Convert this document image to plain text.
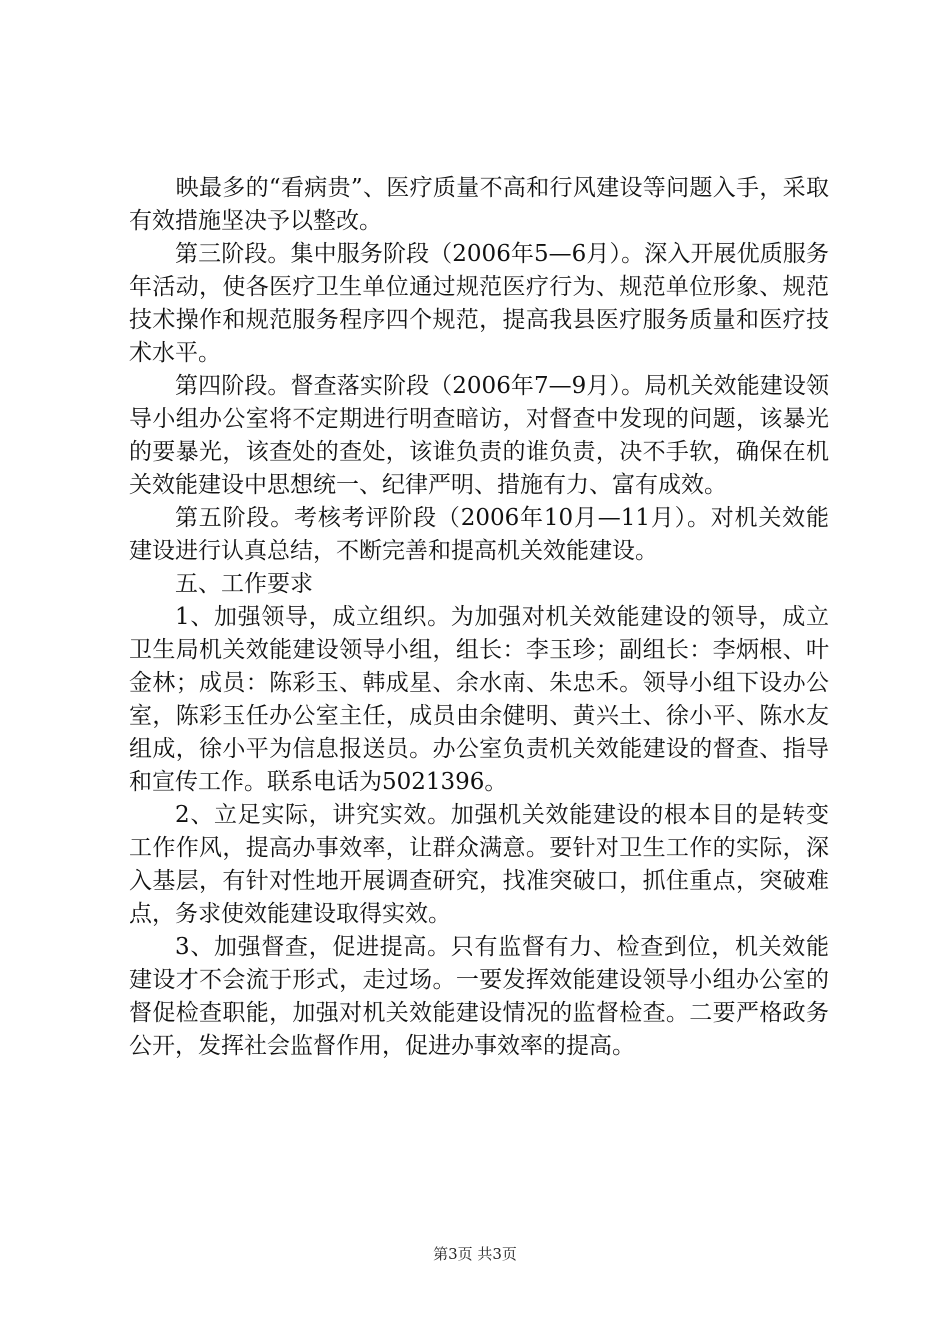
　　映最多的“看病贵”、医疗质量不高和行风建设等问题入手，采取有效措施坚决予以整改。

第三阶段。集中服务阶段（2006年5—6月）。深入开展优质服务年活动，使各医疗卫生单位通过规范医疗行为、规范单位形象、规范技术操作和规范服务程序四个规范，提高我县医疗服务质量和医疗技术水平。

第四阶段。督查落实阶段（2006年7—9月）。局机关效能建设领导小组办公室将不定期进行明查暗访，对督查中发现的问题，该暴光的要暴光，该查处的查处，该谁负责的谁负责，决不手软，确保在机关效能建设中思想统一、纪律严明、措施有力、富有成效。

第五阶段。考核考评阶段（2006年10月—11月）。对机关效能建设进行认真总结，不断完善和提高机关效能建设。

五、工作要求

1、加强领导，成立组织。为加强对机关效能建设的领导，成立卫生局机关效能建设领导小组，组长：李玉珍；副组长：李炳根、叶金林；成员：陈彩玉、韩成星、余水南、朱忠禾。领导小组下设办公室，陈彩玉任办公室主任，成员由余健明、黄兴土、徐小平、陈水友组成，徐小平为信息报送员。办公室负责机关效能建设的督查、指导和宣传工作。联系电话为5021396。

2、立足实际，讲究实效。加强机关效能建设的根本目的是转变工作作风，提高办事效率，让群众满意。要针对卫生工作的实际，深入基层，有针对性地开展调查研究，找准突破口，抓住重点，突破难点，务求使效能建设取得实效。

3、加强督查，促进提高。只有监督有力、检查到位，机关效能建设才不会流于形式，走过场。一要发挥效能建设领导小组办公室的督促检查职能，加强对机关效能建设情况的监督检查。二要严格政务公开，发挥社会监督作用，促进办事效率的提高。

第3页 共3页
